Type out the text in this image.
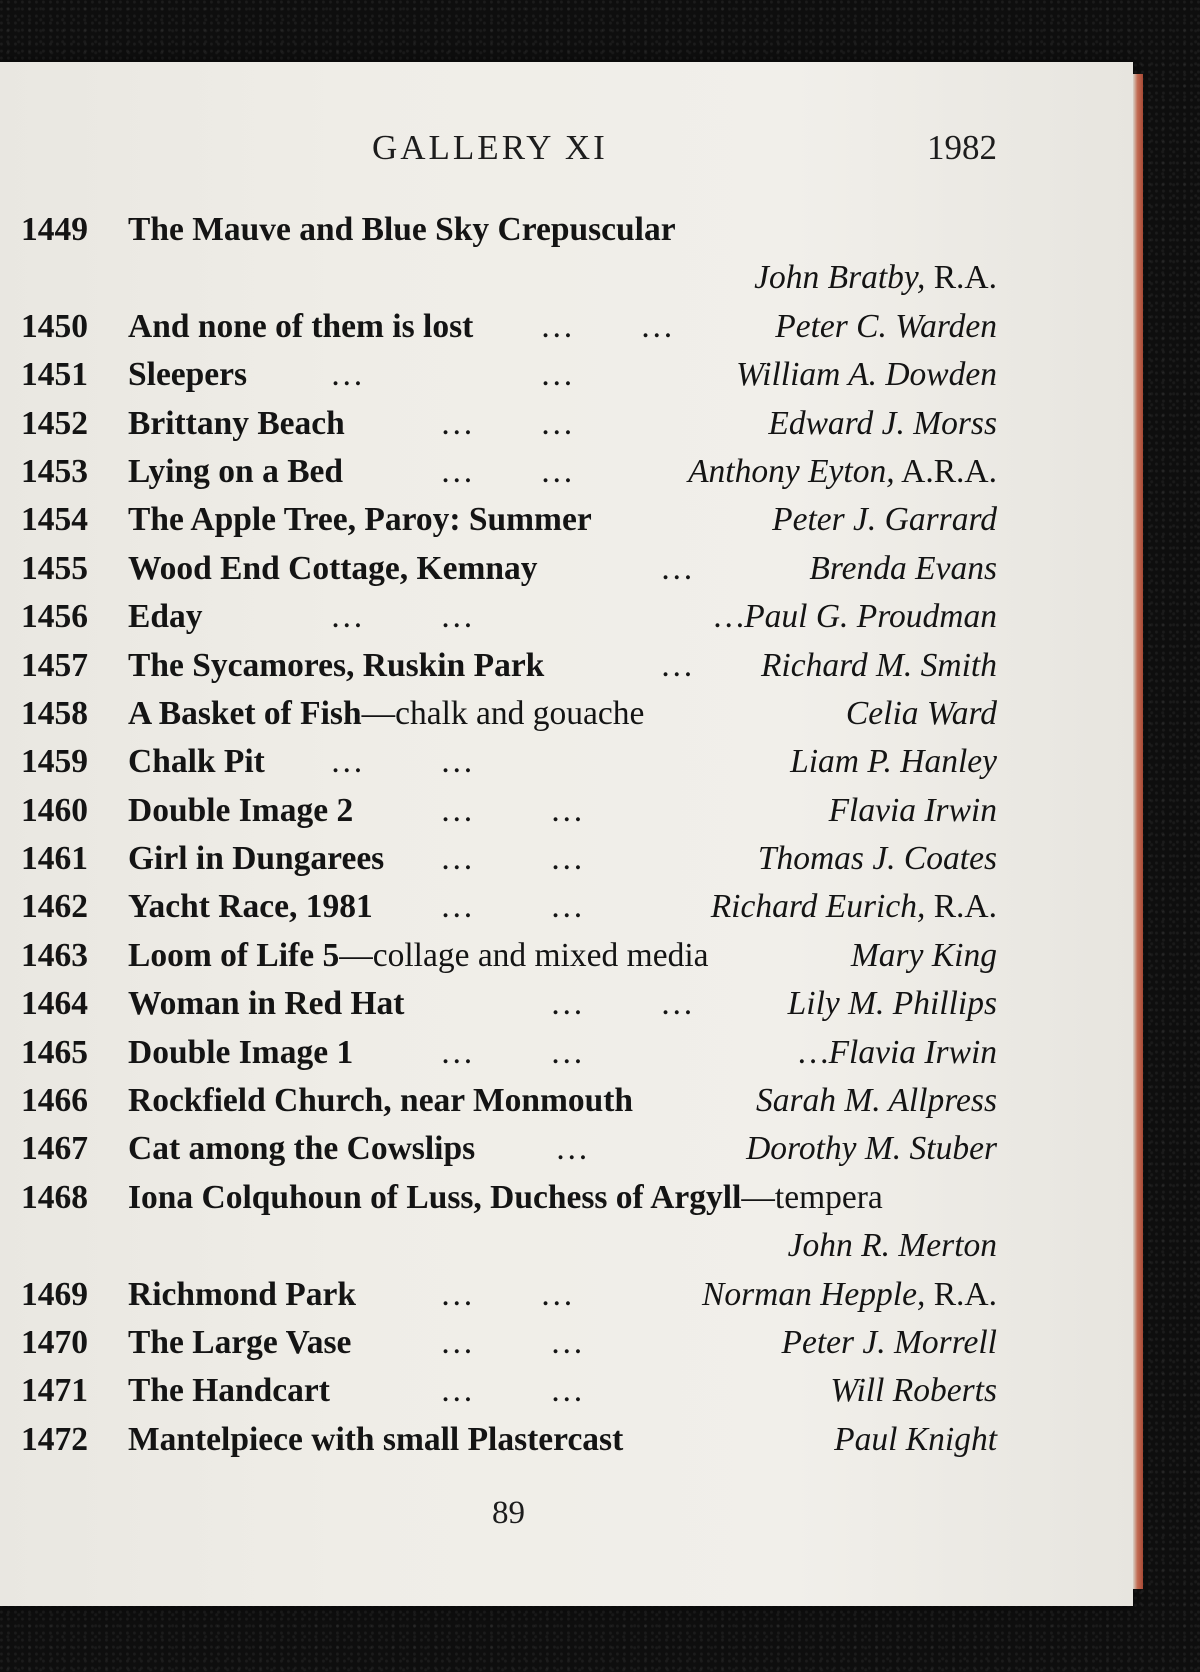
GALLERY XI	1982
1449	The Mauve and Blue Sky Crepuscular
John Bratby, R.A.
1450	And none of them is lost … …	Peter C. Warden
1451	Sleepers …	…	William A. Dowden
1452	Brittany Beach	… …	Edward J. Morss
1453	Lying on a Bed	… …	Anthony Eyton, A.R.A.
1454	The Apple Tree, Paroy: Summer	Peter J. Garrard
1455	Wood End Cottage, Kemnay	…	Brenda Evans
1456	Eday	… …	…Paul G. Proudman
1457	The Sycamores, Ruskin Park	… Richard M. Smith
1458	A Basket of Fish—chalk and gouache	Celia Ward
1459	Chalk Pit … …	Liam P. Hanley
1460	Double Image 2	… …	Flavia Irwin
1461	Girl in Dungarees … …	Thomas J. Coates
1462	Yacht Race, 1981 … …	Richard Eurich, R.A.
1463	Loom of Life 5—collage and mixed media	Mary King
1464	Woman in Red Hat	… …	Lily M. Phillips
1465	Double Image 1	… …	…Flavia Irwin
1466	Rockfield Church, near Monmouth	Sarah M. Allpress
1467	Cat among the Cowslips …	Dorothy M. Stuber
1468	Iona Colquhoun of Luss, Duchess of Argyll—tempera
John R. Merton
1469	Richmond Park	… …	Norman Hepple, R.A.
1470	The Large Vase	… …	Peter J. Morrell
1471	The Handcart	… …	Will Roberts
1472	Mantelpiece with small Plastercast	Paul Knight
89
